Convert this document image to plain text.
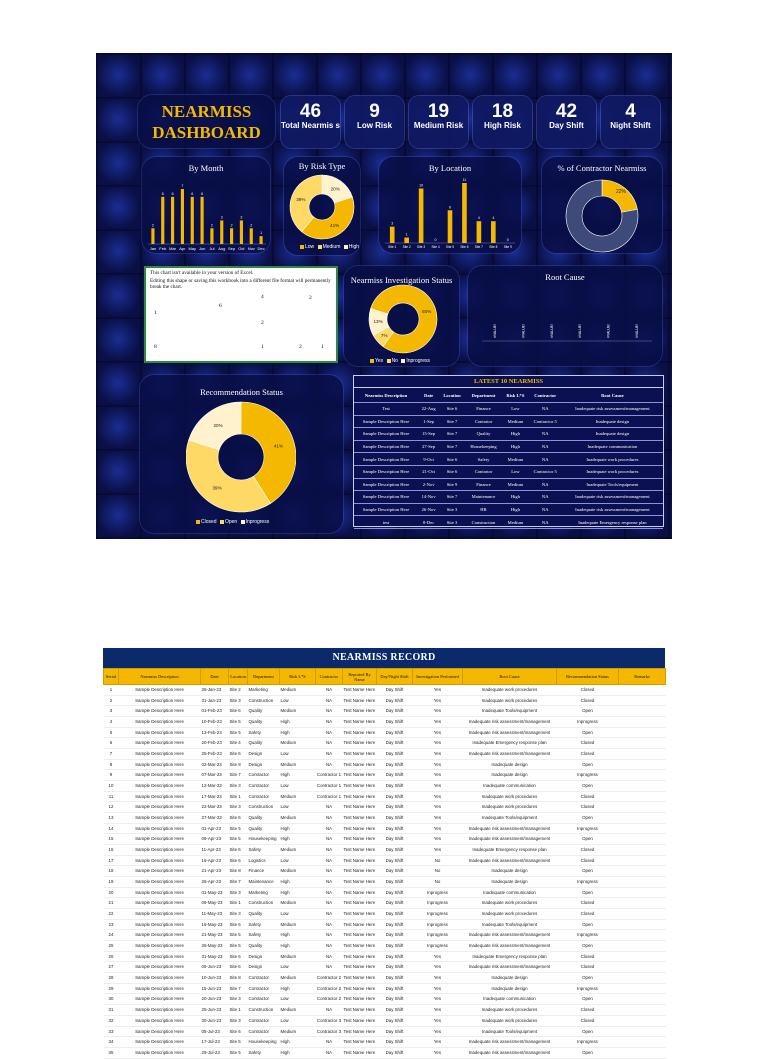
NEARMISS
DASHBOARD
46
Total Nearmis s
9
Low Risk
19
Medium Risk
18
High Risk
42
Day Shift
4
Night Shift
By Month
2
Jan
6
Feb
6
Mar
7
Apr
6
May
6
Jun
2
Jul
3
Aug
2
Sep
3
Oct
2
Nov
1
Dec
By Risk Type
20%
41%
39%
Low Medium High
By Location
3
Site 1
1
Site 2
10
Site 3
0
Site 4
6
Site 5
11
Site 6
4
Site 7
4
Site 8
0
Site 9
% of Contractor Nearmiss
22%

This chart isn't available in your version of Excel.

Editing this shape or saving this workbook into a different file format will permanently break the chart.

1
6
4	2
2
8	1	2	1
Nearmiss Investigation Status
80%
7%
13%
Yes No Inprogress
Root Cause
#VALUE!	#VALUE!	#VALUE!	#VALUE!	#VALUE!	#VALUE!
Recommendation Status
41%
39%
20%
Closed Open Inprogress
LATEST 10 NEARMISS
Nearmiss Description	Date	Location	Department	Risk L*S	Contractor	Root Cause
Test	22-Aug	Site 6	Finance	Low	NA	Inadequate risk assessment/management
Sample Description Here	1-Sep	Site 7	Contrator	Medium	Contractor 5	Inadequate design
Sample Description Here	15-Sep	Site 7	Quality	High	NA	Inadequate design
Sample Description Here	27-Sep	Site 7	Housekeeping	High	NA	Inadequate communication
Sample Description Here	9-Oct	Site 6	Safety	Medium	NA	Inadequate work procedures
Sample Description Here	21-Oct	Site 6	Contrator	Low	Contractor 5	Inadequate work procedures
Sample Description Here	2-Nov	Site 9	Finance	Medium	NA	Inadequate Tools/equipment
Sample Description Here	14-Nov	Site 7	Maintenance	High	NA	Inadequate risk assessment/management
Sample Description Here	26-Nov	Site 3	HR	High	NA	Inadequate risk assessment/management
test	8-Dec	Site 3	Construction	Medium	NA	Inadequate Emergency response plan
NEARMISS RECORD
Serial	Nearmiss Description	Date	Location	Department	Risk L*S	Contractor	Reported By Name	Day/Night Shift	Investigation Performed	Root Cause	Recommendation Status	Remarks
1	Sample Description Here	26-Jan-23	Site 2	Marketing	Medium	NA	Test Name Here	Day Shift	Yes	Inadequate work procedures	Closed	
2	Sample Description Here	31-Jan-23	Site 3	Construction	Low	NA	Test Name Here	Day Shift	Yes	Inadequate work procedures	Closed	
3	Sample Description Here	01-Feb-23	Site 6	Quality	Medium	NA	Test Name Here	Day Shift	Yes	Inadequate Tools/equipment	Open	
4	Sample Description Here	10-Feb-23	Site 5	Quality	High	NA	Test Name Here	Day Shift	Yes	Inadequate risk assessment/management	Inprogress	
5	Sample Description Here	13-Feb-23	Site 5	Safety	High	NA	Test Name Here	Day Shift	Yes	Inadequate risk assessment/management	Open	
6	Sample Description Here	20-Feb-23	Site 4	Quality	Medium	NA	Test Name Here	Day Shift	Yes	Inadequate Emergency response plan	Closed	
7	Sample Description Here	25-Feb-23	Site 6	Design	Low	NA	Test Name Here	Day Shift	Yes	Inadequate risk assessment/management	Closed	
8	Sample Description Here	02-Mar-23	Site 8	Design	Medium	NA	Test Name Here	Day Shift	Yes	Inadequate design	Open	
9	Sample Description Here	07-Mar-23	Site 7	Contractor	High	Contractor 1	Test Name Here	Day Shift	Yes	Inadequate design	Inprogress	
10	Sample Description Here	12-Mar-23	Site 3	Contractor	Low	Contractor 1	Test Name Here	Day Shift	Yes	Inadequate communication	Open	
11	Sample Description Here	17-Mar-23	Site 1	Contractor	Medium	Contractor 1	Test Name Here	Day Shift	Yes	Inadequate work procedures	Closed	
12	Sample Description Here	22-Mar-23	Site 3	Construction	Low	NA	Test Name Here	Day Shift	Yes	Inadequate work procedures	Closed	
13	Sample Description Here	27-Mar-23	Site 6	Quality	Medium	NA	Test Name Here	Day Shift	Yes	Inadequate Tools/equipment	Open	
14	Sample Description Here	01-Apr-23	Site 5	Quality	High	NA	Test Name Here	Day Shift	Yes	Inadequate risk assessment/management	Inprogress	
15	Sample Description Here	06-Apr-23	Site 5	Housekeeping	High	NA	Test Name Here	Day Shift	Yes	Inadequate risk assessment/management	Open	
16	Sample Description Here	11-Apr-23	Site 6	Safety	Medium	NA	Test Name Here	Day Shift	Yes	Inadequate Emergency response plan	Closed	
17	Sample Description Here	16-Apr-23	Site 6	Logistics	Low	NA	Test Name Here	Day Shift	No	Inadequate risk assessment/management	Closed	
18	Sample Description Here	21-Apr-23	Site 8	Finance	Medium	NA	Test Name Here	Day Shift	No	Inadequate design	Open	
19	Sample Description Here	26-Apr-23	Site 7	Maintenance	High	NA	Test Name Here	Day Shift	No	Inadequate design	Inprogress	
20	Sample Description Here	01-May-23	Site 3	Marketing	High	NA	Test Name Here	Day Shift	Inprogress	Inadequate communication	Open	
21	Sample Description Here	06-May-23	Site 1	Construction	Medium	NA	Test Name Here	Day Shift	Inprogress	Inadequate work procedures	Closed	
22	Sample Description Here	11-May-23	Site 3	Quality	Low	NA	Test Name Here	Day Shift	Inprogress	Inadequate work procedures	Closed	
23	Sample Description Here	16-May-23	Site 6	Safety	Medium	NA	Test Name Here	Day Shift	Inprogress	Inadequate Tools/equipment	Open	
24	Sample Description Here	21-May-23	Site 5	Safety	High	NA	Test Name Here	Day Shift	Inprogress	Inadequate risk assessment/management	Inprogress	
25	Sample Description Here	26-May-23	Site 5	Quality	High	NA	Test Name Here	Day Shift	Inprogress	Inadequate risk assessment/management	Open	
26	Sample Description Here	31-May-23	Site 6	Design	Medium	NA	Test Name Here	Day Shift	Yes	Inadequate Emergency response plan	Closed	
27	Sample Description Here	05-Jun-23	Site 6	Design	Low	NA	Test Name Here	Day Shift	Yes	Inadequate risk assessment/management	Closed	
28	Sample Description Here	10-Jun-23	Site 8	Contractor	Medium	Contractor 2	Test Name Here	Day Shift	Yes	Inadequate design	Open	
29	Sample Description Here	15-Jun-23	Site 7	Contractor	High	Contractor 2	Test Name Here	Day Shift	Yes	Inadequate design	Inprogress	
30	Sample Description Here	20-Jun-23	Site 3	Contractor	Low	Contractor 2	Test Name Here	Day Shift	Yes	Inadequate communication	Open	
31	Sample Description Here	25-Jun-23	Site 1	Construction	Medium	NA	Test Name Here	Day Shift	Yes	Inadequate work procedures	Closed	
32	Sample Description Here	30-Jun-23	Site 3	Contractor	Low	Contractor 3	Test Name Here	Day Shift	Yes	Inadequate work procedures	Closed	
33	Sample Description Here	05-Jul-23	Site 6	Contractor	Medium	Contractor 3	Test Name Here	Day Shift	Yes	Inadequate Tools/equipment	Open	
34	Sample Description Here	17-Jul-23	Site 5	Housekeeping	High	NA	Test Name Here	Day Shift	Yes	Inadequate risk assessment/management	Inprogress	
35	Sample Description Here	29-Jul-23	Site 5	Safety	High	NA	Test Name Here	Day Shift	Yes	Inadequate risk assessment/management	Open	
